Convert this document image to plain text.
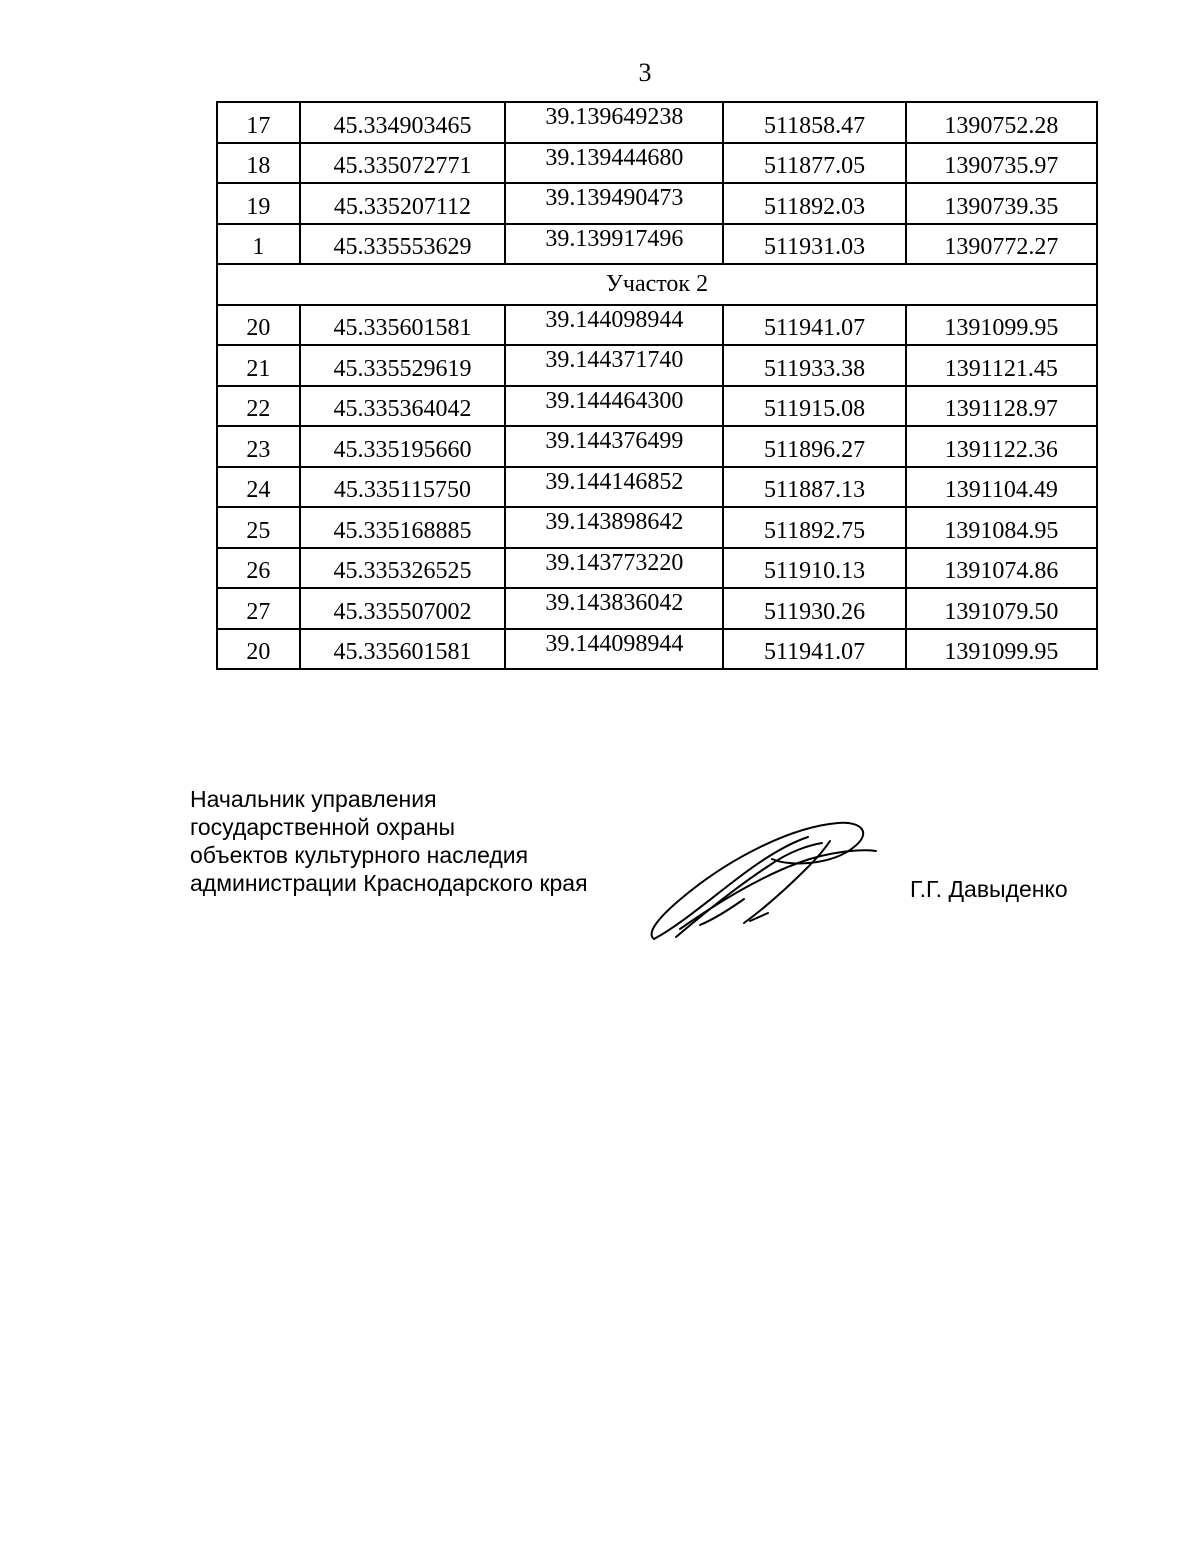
3
17	45.334903465	39.139649238	511858.47	1390752.28

18	45.335072771	39.139444680	511877.05	1390735.97

19	45.335207112	39.139490473	511892.03	1390739.35

1	45.335553629	39.139917496	511931.03	1390772.27

Участок 2				

20	45.335601581	39.144098944	511941.07	1391099.95

21	45.335529619	39.144371740	511933.38	1391121.45

22	45.335364042	39.144464300	511915.08	1391128.97

23	45.335195660	39.144376499	511896.27	1391122.36

24	45.335115750	39.144146852	511887.13	1391104.49

25	45.335168885	39.143898642	511892.75	1391084.95

26	45.335326525	39.143773220	511910.13	1391074.86

27	45.335507002	39.143836042	511930.26	1391079.50

20	45.335601581	39.144098944	511941.07	1391099.95
Начальник управления
государственной охраны
объектов культурного наследия
администрации Краснодарского края	Г.Г. Давыденко
